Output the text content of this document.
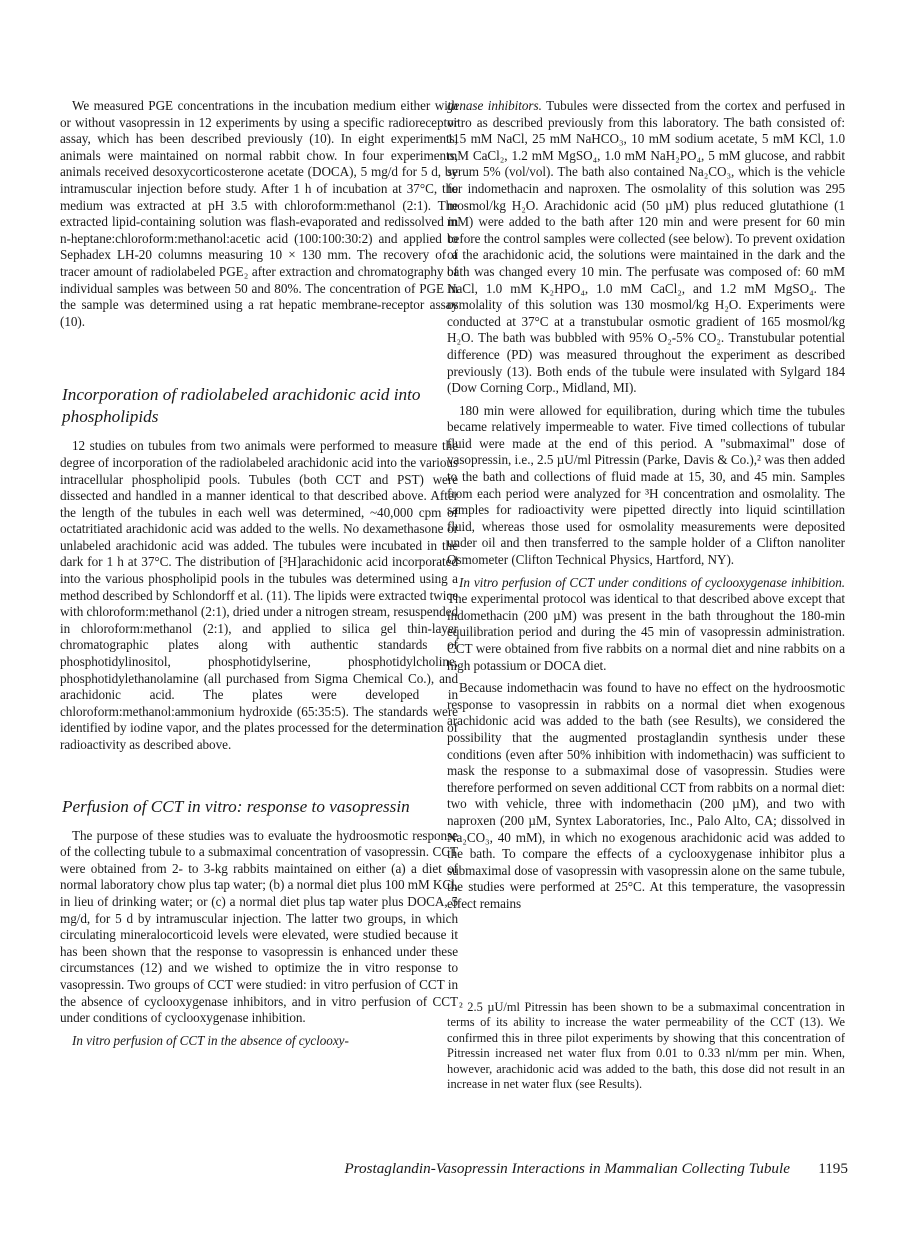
We measured PGE concentrations in the incubation medium either with or without vasopressin in 12 experiments by using a specific radioreceptor assay, which has been described previously (10). In eight experiments, animals were maintained on normal rabbit chow. In four experiments, animals received desoxycorticosterone acetate (DOCA), 5 mg/d for 5 d, by intramuscular injection before study. After 1 h of incubation at 37°C, the medium was extracted at pH 3.5 with chloroform:methanol (2:1). The extracted lipid-containing solution was flash-evaporated and redissolved in n-heptane:chloroform:methanol:acetic acid (100:100:30:2) and applied to Sephadex LH-20 columns measuring 10 × 130 mm. The recovery of a tracer amount of radiolabeled PGE₂ after extraction and chromatography of individual samples was between 50 and 80%. The concentration of PGE in the sample was determined using a rat hepatic membrane-receptor assay (10).

Incorporation of radiolabeled arachidonic acid into phospholipids

12 studies on tubules from two animals were performed to measure the degree of incorporation of the radiolabeled arachidonic acid into the various intracellular phospholipid pools. Tubules (both CCT and PST) were dissected and handled in a manner identical to that described above. After the length of the tubules in each well was determined, ~40,000 cpm of octatritiated arachidonic acid was added to the wells. No dexamethasone or unlabeled arachidonic acid was added. The tubules were incubated in the dark for 1 h at 37°C. The distribution of [³H]arachidonic acid incorporated into the various phospholipid pools in the tubules was determined using a method described by Schlondorff et al. (11). The lipids were extracted twice with chloroform:methanol (2:1), dried under a nitrogen stream, resuspended in chloroform:methanol (2:1), and applied to silica gel thin-layer chromatographic plates along with authentic standards of phosphotidylinositol, phosphotidylserine, phosphotidylcholine, phosphotidylethanolamine (all purchased from Sigma Chemical Co.), and arachidonic acid. The plates were developed in chloroform:methanol:ammonium hydroxide (65:35:5). The standards were identified by iodine vapor, and the plates processed for the determination of radioactivity as described above.

Perfusion of CCT in vitro: response to vasopressin

The purpose of these studies was to evaluate the hydroosmotic response of the collecting tubule to a submaximal concentration of vasopressin. CCT were obtained from 2- to 3-kg rabbits maintained on either (a) a diet of normal laboratory chow plus tap water; (b) a normal diet plus 100 mM KCl, in lieu of drinking water; or (c) a normal diet plus tap water plus DOCA, 5 mg/d, for 5 d by intramuscular injection. The latter two groups, in which circulating mineralocorticoid levels were elevated, were studied because it has been shown that the response to vasopressin is enhanced under these circumstances (12) and we wished to optimize the in vitro response to vasopressin. Two groups of CCT were studied: in vitro perfusion of CCT in the absence of cyclooxygenase inhibitors, and in vitro perfusion of CCT under conditions of cyclooxygenase inhibition.

In vitro perfusion of CCT in the absence of cyclooxy-

genase inhibitors. Tubules were dissected from the cortex and perfused in vitro as described previously from this laboratory. The bath consisted of: 115 mM NaCl, 25 mM NaHCO₃, 10 mM sodium acetate, 5 mM KCl, 1.0 mM CaCl₂, 1.2 mM MgSO₄, 1.0 mM NaH₂PO₄, 5 mM glucose, and rabbit serum 5% (vol/vol). The bath also contained Na₂CO₃, which is the vehicle for indomethacin and naproxen. The osmolality of this solution was 295 mosmol/kg H₂O. Arachidonic acid (50 µM) plus reduced glutathione (1 mM) were added to the bath after 120 min and were present for 60 min before the control samples were collected (see below). To prevent oxidation of the arachidonic acid, the solutions were maintained in the dark and the bath was changed every 10 min. The perfusate was composed of: 60 mM NaCl, 1.0 mM K₂HPO₄, 1.0 mM CaCl₂, and 1.2 mM MgSO₄. The osmolality of this solution was 130 mosmol/kg H₂O. Experiments were conducted at 37°C at a transtubular osmotic gradient of 165 mosmol/kg H₂O. The bath was bubbled with 95% O₂-5% CO₂. Transtubular potential difference (PD) was measured throughout the experiment as described previously (13). Both ends of the tubule were insulated with Sylgard 184 (Dow Corning Corp., Midland, MI).

180 min were allowed for equilibration, during which time the tubules became relatively impermeable to water. Five timed collections of tubular fluid were made at the end of this period. A "submaximal" dose of vasopressin, i.e., 2.5 µU/ml Pitressin (Parke, Davis & Co.),² was then added to the bath and collections of fluid made at 15, 30, and 45 min. Samples from each period were analyzed for ³H concentration and osmolality. The samples for radioactivity were pipetted directly into liquid scintillation fluid, whereas those used for osmolality measurements were deposited under oil and then transferred to the sample holder of a Clifton nanoliter Osmometer (Clifton Technical Physics, Hartford, NY).

In vitro perfusion of CCT under conditions of cyclooxygenase inhibition. The experimental protocol was identical to that described above except that indomethacin (200 µM) was present in the bath throughout the 180-min equilibration period and during the 45 min of vasopressin administration. CCT were obtained from five rabbits on a normal diet and nine rabbits on a high potassium or DOCA diet.

Because indomethacin was found to have no effect on the hydroosmotic response to vasopressin in rabbits on a normal diet when exogenous arachidonic acid was added to the bath (see Results), we considered the possibility that the augmented prostaglandin synthesis under these conditions (even after 50% inhibition with indomethacin) was sufficient to mask the response to a submaximal dose of vasopressin. Studies were therefore performed on seven additional CCT from rabbits on a normal diet: two with vehicle, three with indomethacin (200 µM), and two with naproxen (200 µM, Syntex Laboratories, Inc., Palo Alto, CA; dissolved in Na₂CO₃, 40 mM), in which no exogenous arachidonic acid was added to the bath. To compare the effects of a cyclooxygenase inhibitor plus a submaximal dose of vasopressin with vasopressin alone on the same tubule, the studies were performed at 25°C. At this temperature, the vasopressin effect remains

² 2.5 µU/ml Pitressin has been shown to be a submaximal concentration in terms of its ability to increase the water permeability of the CCT (13). We confirmed this in three pilot experiments by showing that this concentration of Pitressin increased net water flux from 0.01 to 0.33 nl/mm per min. When, however, arachidonic acid was added to the bath, this dose did not result in an increase in net water flux (see Results).

Prostaglandin-Vasopressin Interactions in Mammalian Collecting Tubule	1195
